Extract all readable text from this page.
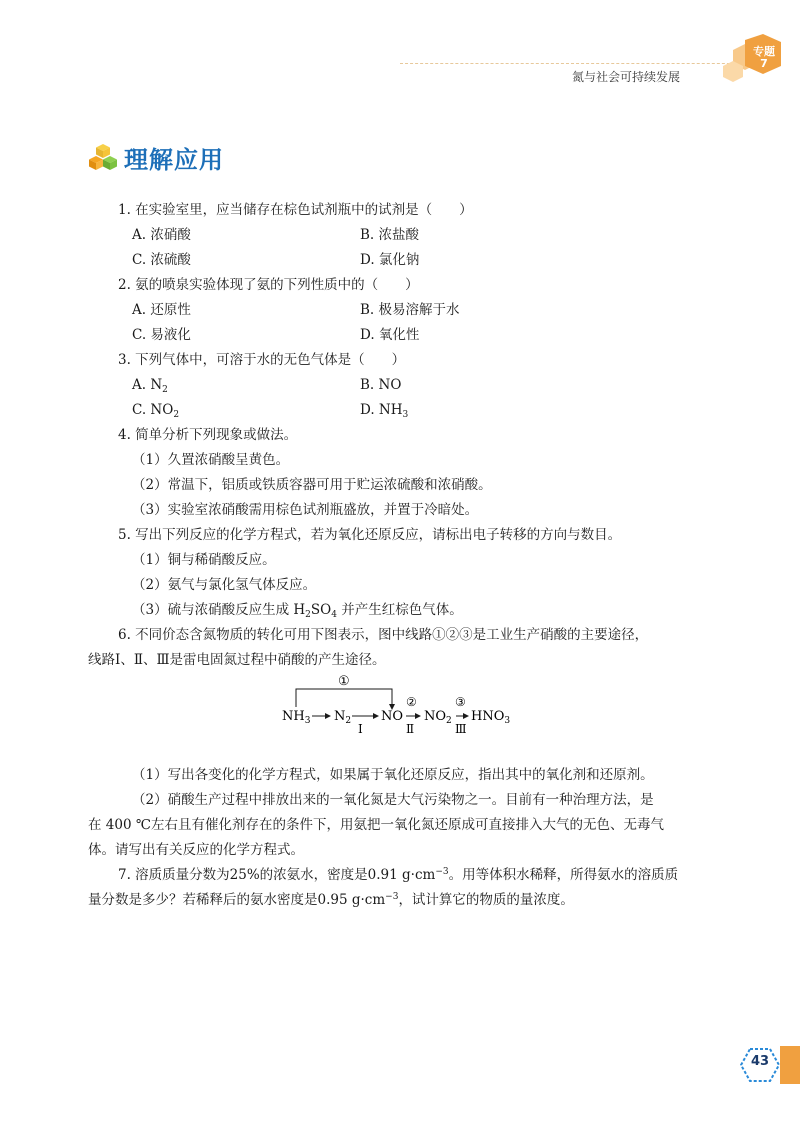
专题
7
氮与社会可持续发展
理解应用
1. 在实验室里，应当储存在棕色试剂瓶中的试剂是（　　）
A. 浓硝酸	B. 浓盐酸
C. 浓硫酸	D. 氯化钠
2. 氨的喷泉实验体现了氨的下列性质中的（　　）
A. 还原性	B. 极易溶解于水
C. 易液化	D. 氧化性
3. 下列气体中，可溶于水的无色气体是（　　）
A. $N_2$	B. NO
C. $NO_2$	D. $NH_3$
4. 简单分析下列现象或做法。
（1）久置浓硝酸呈黄色。
（2）常温下，铝质或铁质容器可用于贮运浓硫酸和浓硝酸。
（3）实验室浓硝酸需用棕色试剂瓶盛放，并置于冷暗处。
5. 写出下列反应的化学方程式，若为氧化还原反应，请标出电子转移的方向与数目。
（1）铜与稀硝酸反应。
（2）氨气与氯化氢气体反应。
（3）硫与浓硝酸反应生成 $H_2SO_4$ 并产生红棕色气体。
6. 不同价态含氮物质的转化可用下图表示，图中线路①②③是工业生产硝酸的主要途径，
线路Ⅰ、Ⅱ、Ⅲ是雷电固氮过程中硝酸的产生途径。
①
$NH_3$ $N_2$
Ⅰ
NO
②
Ⅱ
$NO_2$
③
Ⅲ
$HNO_3$
（1）写出各变化的化学方程式，如果属于氧化还原反应，指出其中的氧化剂和还原剂。
（2）硝酸生产过程中排放出来的一氧化氮是大气污染物之一。目前有一种治理方法，是
在 400 ℃左右且有催化剂存在的条件下，用氨把一氧化氮还原成可直接排入大气的无色、无毒气
体。请写出有关反应的化学方程式。
7. 溶质质量分数为25%的浓氨水，密度是0.91 $g\cdot cm^{-3}$。用等体积水稀释，所得氨水的溶质质
量分数是多少？若稀释后的氨水密度是0.95 $g\cdot cm^{-3}$，试计算它的物质的量浓度。
43
